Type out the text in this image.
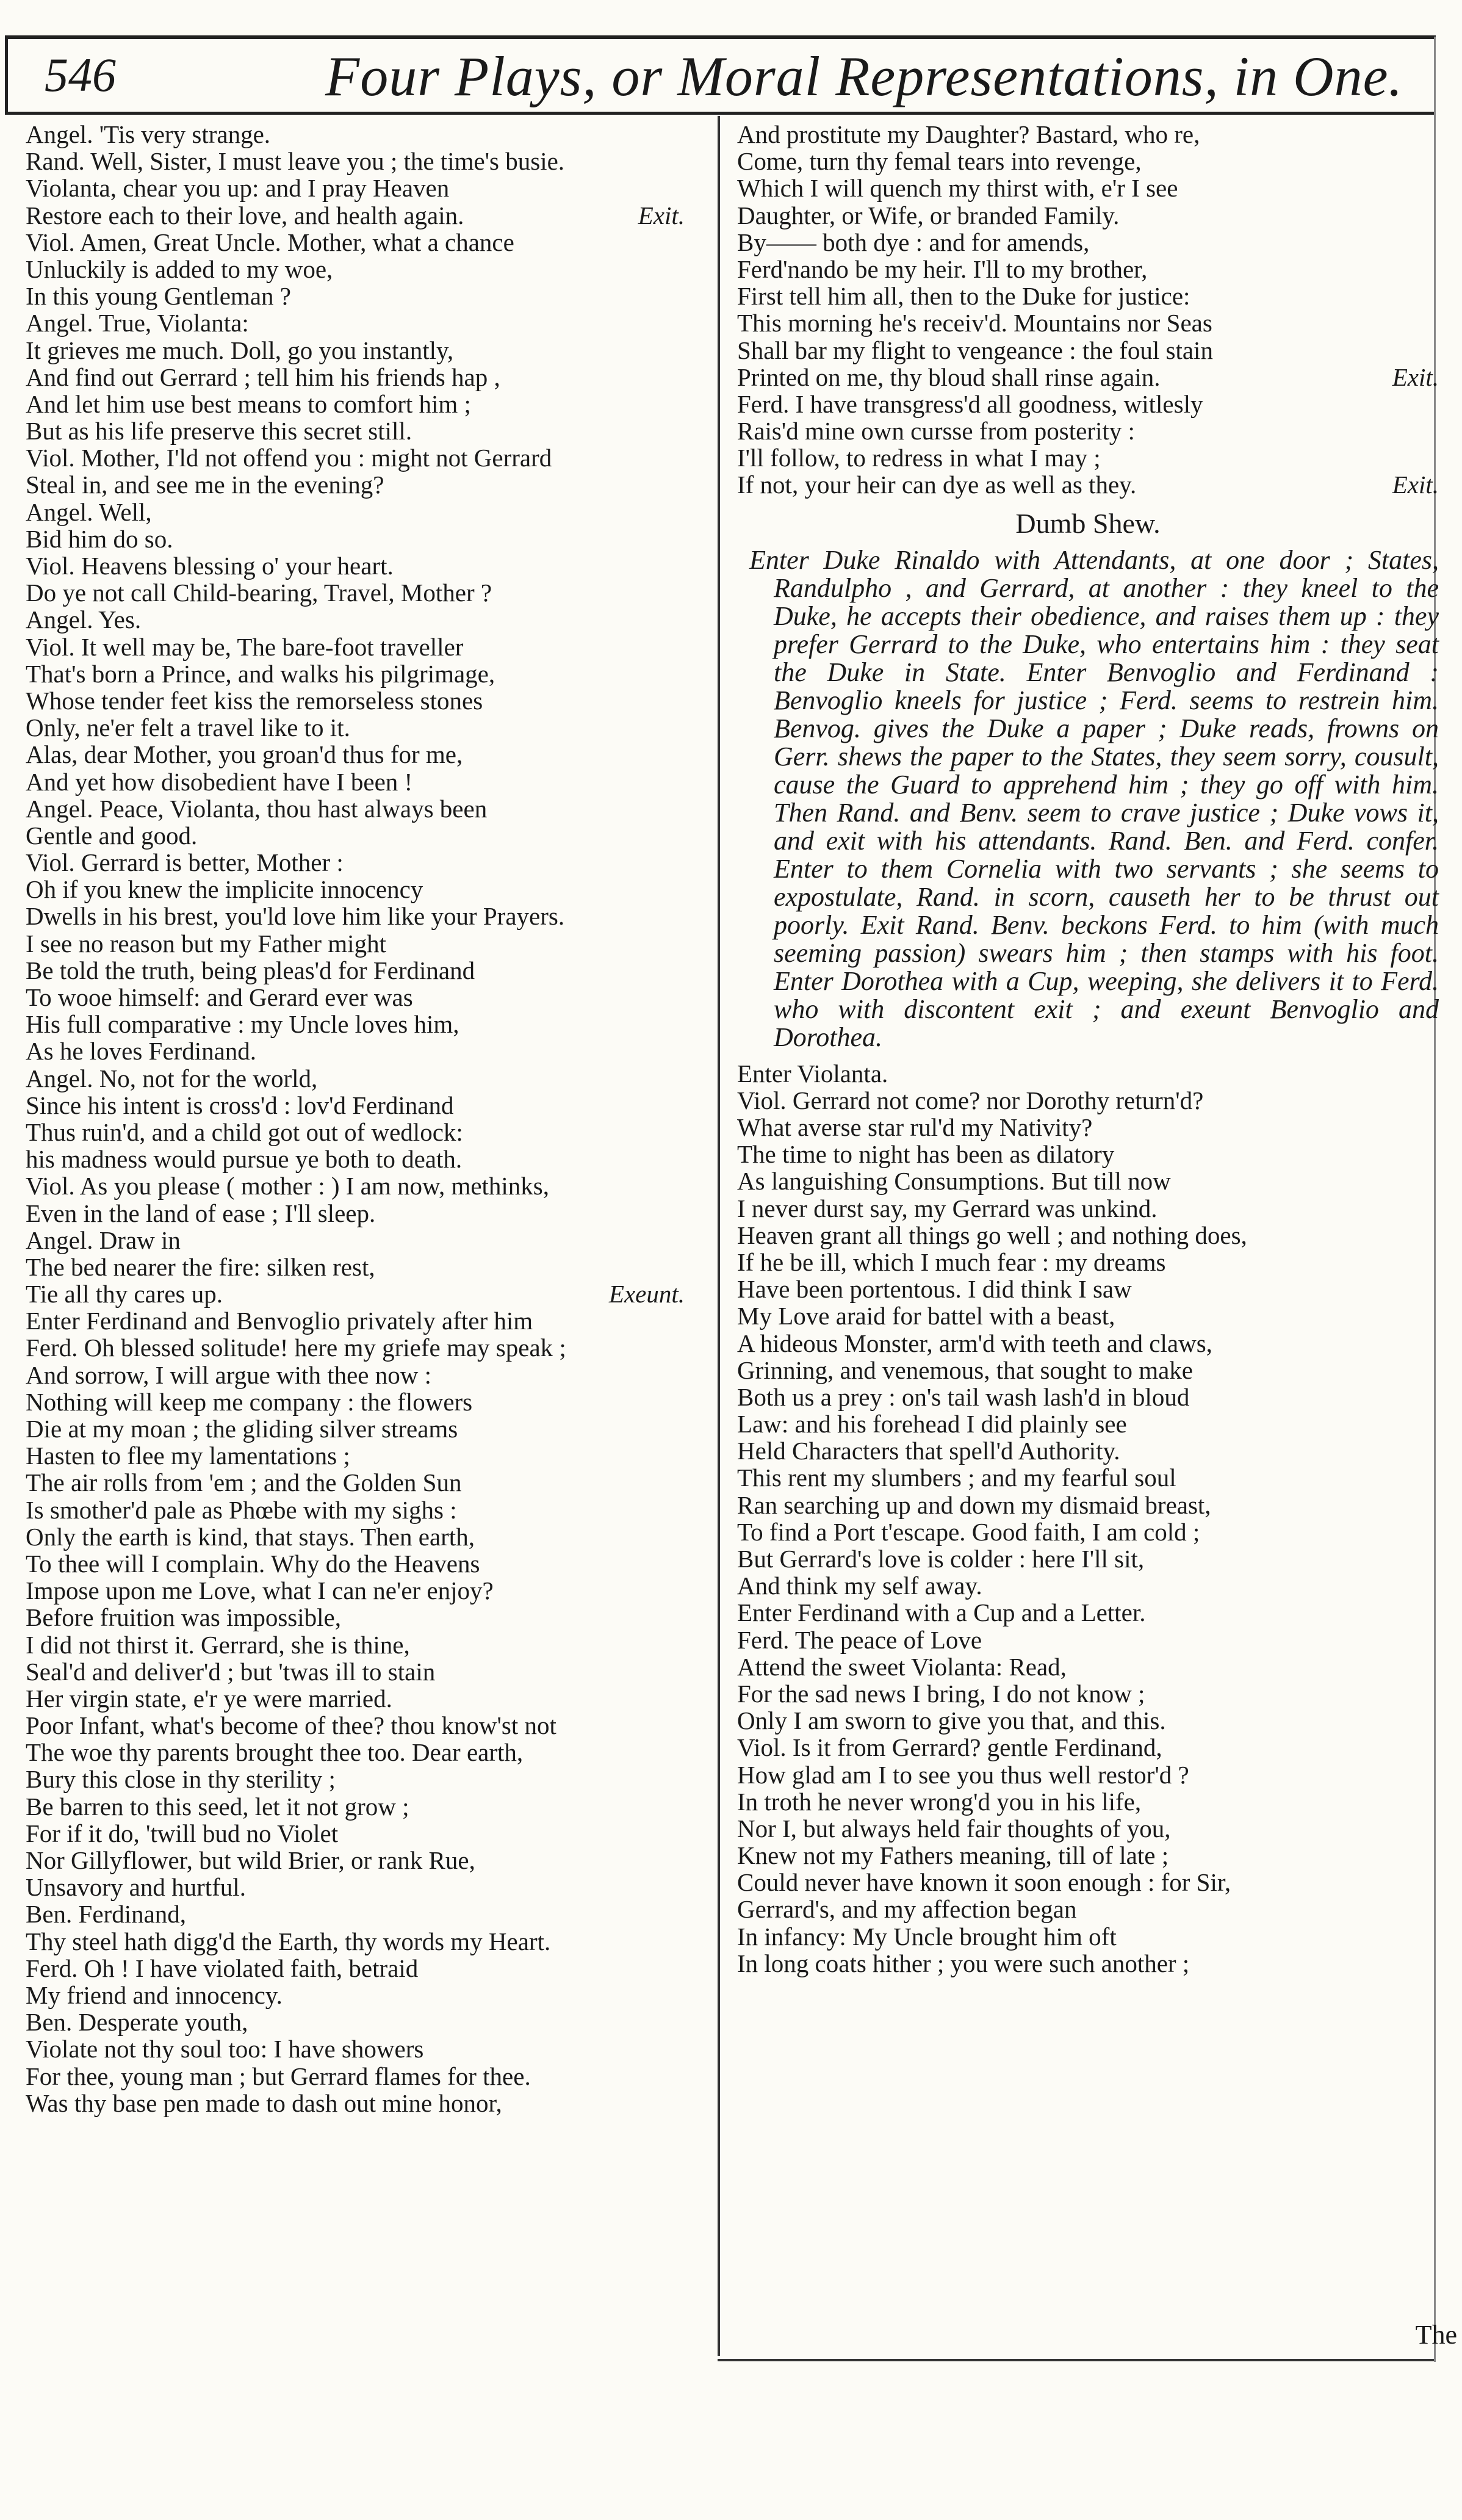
546	Four Plays, or Moral Representations, in One.
Angel. 'Tis very strange.
Rand. Well, Sister, I must leave you ; the time's busie.
Violanta, chear you up: and I pray Heaven
Restore each to their love, and health again.	Exit.
Viol. Amen, Great Uncle. Mother, what a chance
Unluckily is added to my woe,
In this young Gentleman ?
Angel. True, Violanta:
It grieves me much. Doll, go you instantly,
And find out Gerrard ; tell him his friends hap ,
And let him use best means to comfort him ;
But as his life preserve this secret still.
Viol. Mother, I'ld not offend you : might not Gerrard
Steal in, and see me in the evening?
Angel. Well,
Bid him do so.
Viol. Heavens blessing o' your heart.
Do ye not call Child-bearing, Travel, Mother ?
Angel. Yes.
Viol. It well may be, The bare-foot traveller
That's born a Prince, and walks his pilgrimage,
Whose tender feet kiss the remorseless stones
Only, ne'er felt a travel like to it.
Alas, dear Mother, you groan'd thus for me,
And yet how disobedient have I been !
Angel. Peace, Violanta, thou hast always been
Gentle and good.
Viol. Gerrard is better, Mother :
Oh if you knew the implicite innocency
Dwells in his brest, you'ld love him like your Prayers.
I see no reason but my Father might
Be told the truth, being pleas'd for Ferdinand
To wooe himself: and Gerard ever was
His full comparative : my Uncle loves him,
As he loves Ferdinand.
Angel. No, not for the world,
Since his intent is cross'd : lov'd Ferdinand
Thus ruin'd, and a child got out of wedlock:
his madness would pursue ye both to death.
Viol. As you please ( mother : ) I am now, methinks,
Even in the land of ease ; I'll sleep.
Angel. Draw in
The bed nearer the fire: silken rest,
Tie all thy cares up.	Exeunt.
Enter Ferdinand and Benvoglio privately after him
Ferd. Oh blessed solitude! here my griefe may speak ;
And sorrow, I will argue with thee now :
Nothing will keep me company : the flowers
Die at my moan ; the gliding silver streams
Hasten to flee my lamentations ;
The air rolls from 'em ; and the Golden Sun
Is smother'd pale as Phœbe with my sighs :
Only the earth is kind, that stays. Then earth,
To thee will I complain. Why do the Heavens
Impose upon me Love, what I can ne'er enjoy?
Before fruition was impossible,
I did not thirst it. Gerrard, she is thine,
Seal'd and deliver'd ; but 'twas ill to stain
Her virgin state, e'r ye were married.
Poor Infant, what's become of thee? thou know'st not
The woe thy parents brought thee too. Dear earth,
Bury this close in thy sterility ;
Be barren to this seed, let it not grow ;
For if it do, 'twill bud no Violet
Nor Gillyflower, but wild Brier, or rank Rue,
Unsavory and hurtful.
Ben. Ferdinand,
Thy steel hath digg'd the Earth, thy words my Heart.
Ferd. Oh ! I have violated faith, betraid
My friend and innocency.
Ben. Desperate youth,
Violate not thy soul too: I have showers
For thee, young man ; but Gerrard flames for thee.
Was thy base pen made to dash out mine honor,
And prostitute my Daughter? Bastard, who re,
Come, turn thy femal tears into revenge,
Which I will quench my thirst with, e'r I see
Daughter, or Wife, or branded Family.
By—— both dye : and for amends,
Ferd'nando be my heir. I'll to my brother,
First tell him all, then to the Duke for justice:
This morning he's receiv'd. Mountains nor Seas
Shall bar my flight to vengeance : the foul stain
Printed on me, thy bloud shall rinse again.	Exit.
Ferd. I have transgress'd all goodness, witlesly
Rais'd mine own cursse from posterity :
I'll follow, to redress in what I may ;
If not, your heir can dye as well as they.	Exit.
Dumb Shew.
Enter Duke Rinaldo with Attendants, at one door ; States, Randulpho , and Gerrard, at another : they kneel to the Duke, he accepts their obedience, and raises them up : they prefer Gerrard to the Duke, who entertains him : they seat the Duke in State. Enter Benvoglio and Ferdinand : Benvoglio kneels for justice ; Ferd. seems to restrein him. Benvog. gives the Duke a paper ; Duke reads, frowns on Gerr. shews the paper to the States, they seem sorry, cousult, cause the Guard to apprehend him ; they go off with him. Then Rand. and Benv. seem to crave justice ; Duke vows it, and exit with his attendants. Rand. Ben. and Ferd. confer. Enter to them Cornelia with two servants ; she seems to expostulate, Rand. in scorn, causeth her to be thrust out poorly. Exit Rand. Benv. beckons Ferd. to him (with much seeming passion) swears him ; then stamps with his foot. Enter Dorothea with a Cup, weeping, she delivers it to Ferd. who with discontent exit ; and exeunt Benvoglio and Dorothea.
Enter Violanta.
Viol. Gerrard not come? nor Dorothy return'd?
What averse star rul'd my Nativity?
The time to night has been as dilatory
As languishing Consumptions. But till now
I never durst say, my Gerrard was unkind.
Heaven grant all things go well ; and nothing does,
If he be ill, which I much fear : my dreams
Have been portentous. I did think I saw
My Love araid for battel with a beast,
A hideous Monster, arm'd with teeth and claws,
Grinning, and venemous, that sought to make
Both us a prey : on's tail wash lash'd in bloud
Law: and his forehead I did plainly see
Held Characters that spell'd Authority.
This rent my slumbers ; and my fearful soul
Ran searching up and down my dismaid breast,
To find a Port t'escape. Good faith, I am cold ;
But Gerrard's love is colder : here I'll sit,
And think my self away.
Enter Ferdinand with a Cup and a Letter.
Ferd. The peace of Love
Attend the sweet Violanta: Read,
For the sad news I bring, I do not know ;
Only I am sworn to give you that, and this.
Viol. Is it from Gerrard? gentle Ferdinand,
How glad am I to see you thus well restor'd ?
In troth he never wrong'd you in his life,
Nor I, but always held fair thoughts of you,
Knew not my Fathers meaning, till of late ;
Could never have known it soon enough : for Sir,
Gerrard's, and my affection began
In infancy: My Uncle brought him oft
In long coats hither ; you were such another ;
The
